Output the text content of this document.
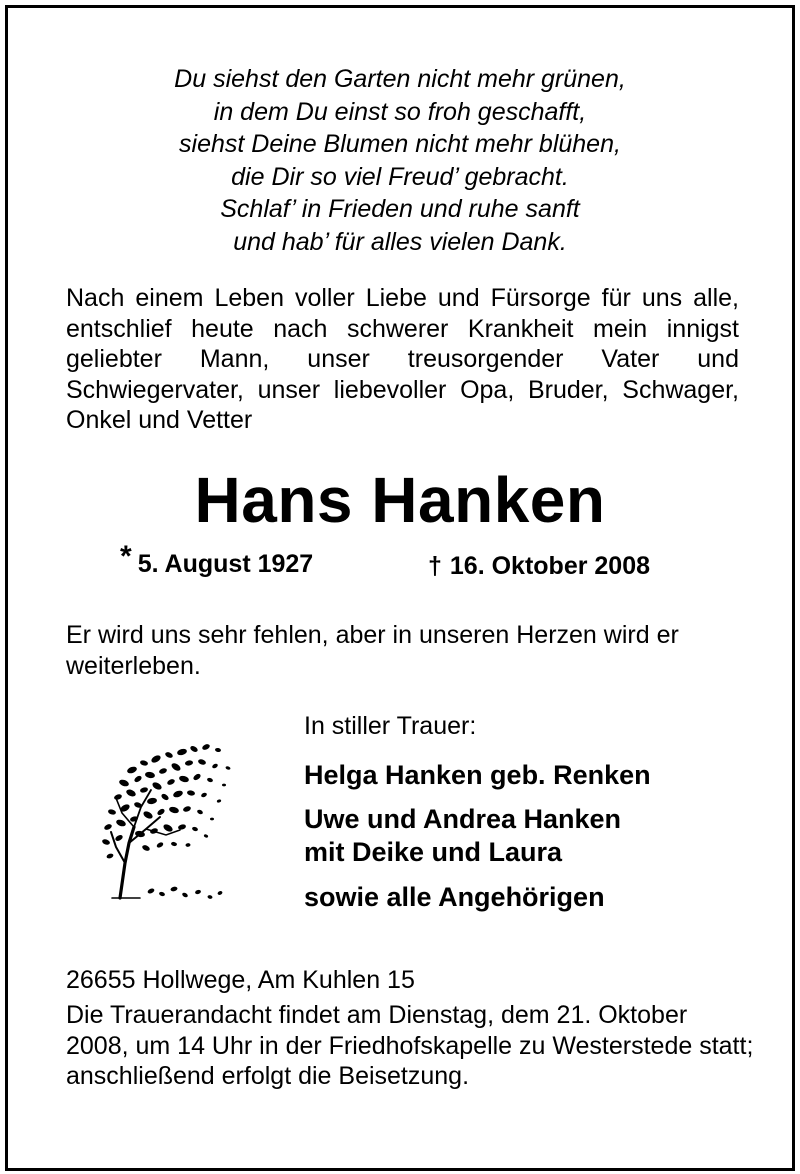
Du siehst den Garten nicht mehr grünen,
in dem Du einst so froh geschafft,
siehst Deine Blumen nicht mehr blühen,
die Dir so viel Freud’ gebracht.
Schlaf’ in Frieden und ruhe sanft
und hab’ für alles vielen Dank.
Nach einem Leben voller Liebe und Fürsorge für uns alle, entschlief heute nach schwerer Krankheit mein innigst geliebter Mann, unser treusorgender Vater und Schwiegervater, unser liebevoller Opa, Bruder, Schwager, Onkel und Vetter
Hans Hanken
* 5. August 1927	† 16. Oktober 2008
Er wird uns sehr fehlen, aber in unseren Herzen wird er weiterleben.
In stiller Trauer:
Helga Hanken geb. Renken
Uwe und Andrea Hanken
mit Deike und Laura
sowie alle Angehörigen
26655 Hollwege, Am Kuhlen 15
Die Trauerandacht findet am Dienstag, dem 21. Oktober 2008, um 14 Uhr in der Friedhofskapelle zu Westerstede statt; anschließend erfolgt die Beisetzung.
